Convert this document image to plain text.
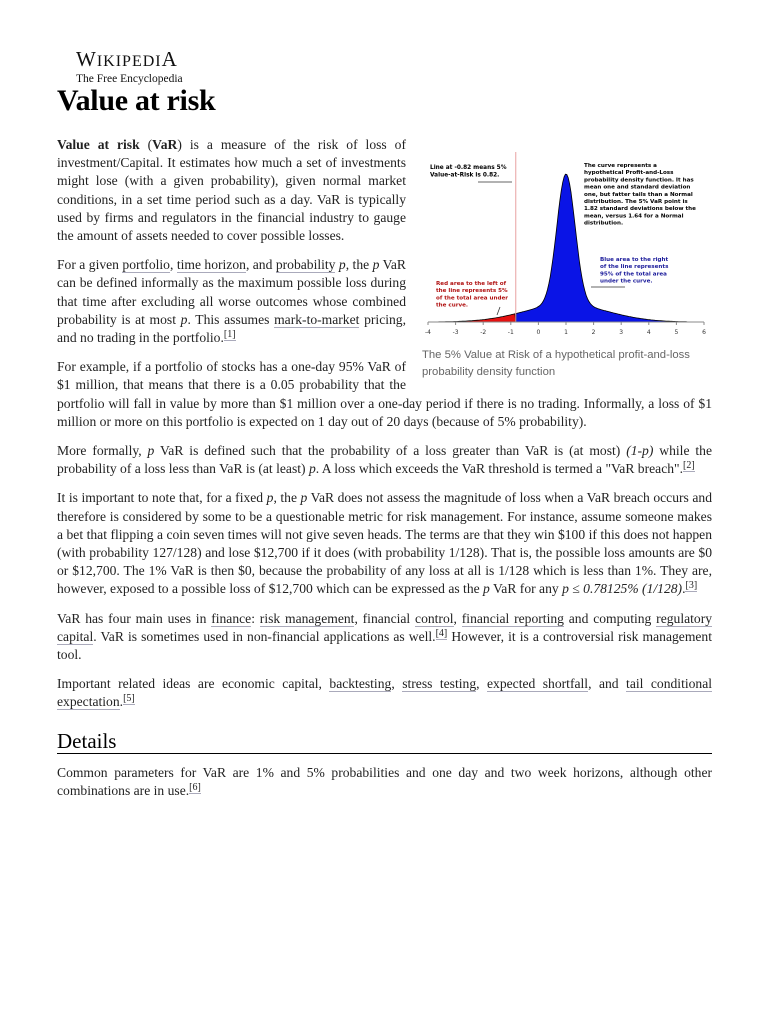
WIKIPEDIA
The Free Encyclopedia
Value at risk
-4	-3	-2	-1	0	1	2	3	4	5	6
Line at -0.82 means 5%
Value-at-Risk is 0.82.
The curve represents a
hypothetical Profit-and-Loss
probability density function. It has
mean one and standard deviation
one, but fatter tails than a Normal
distribution. The 5% VaR point is
1.82 standard deviations below the
mean, versus 1.64 for a Normal
distribution.
Blue area to the right
of the line represents
95% of the total area
under the curve.
Red area to the left of
the line represents 5%
of the total area under
the curve.
The 5% Value at Risk of a hypothetical profit-and-loss probability density function

Value at risk (VaR) is a measure of the risk of loss of investment/Capital. It estimates how much a set of investments might lose (with a given probability), given normal market conditions, in a set time period such as a day. VaR is typically used by firms and regulators in the financial industry to gauge the amount of assets needed to cover possible losses.

For a given portfolio, time horizon, and probability p, the p VaR can be defined informally as the maximum possible loss during that time after excluding all worse outcomes whose combined probability is at most p. This assumes mark-to-market pricing, and no trading in the portfolio.[1]

For example, if a portfolio of stocks has a one-day 95% VaR of $1 million, that means that there is a 0.05 probability that the portfolio will fall in value by more than $1 million over a one-day period if there is no trading. Informally, a loss of $1 million or more on this portfolio is expected on 1 day out of 20 days (because of 5% probability).

More formally, p VaR is defined such that the probability of a loss greater than VaR is (at most) (1-p) while the probability of a loss less than VaR is (at least) p. A loss which exceeds the VaR threshold is termed a "VaR breach".[2]

It is important to note that, for a fixed p, the p VaR does not assess the magnitude of loss when a VaR breach occurs and therefore is considered by some to be a questionable metric for risk management. For instance, assume someone makes a bet that flipping a coin seven times will not give seven heads. The terms are that they win $100 if this does not happen (with probability 127/128) and lose $12,700 if it does (with probability 1/128). That is, the possible loss amounts are $0 or $12,700. The 1% VaR is then $0, because the probability of any loss at all is 1/128 which is less than 1%. They are, however, exposed to a possible loss of $12,700 which can be expressed as the p VaR for any p ≤ 0.78125% (1/128).[3]

VaR has four main uses in finance: risk management, financial control, financial reporting and computing regulatory capital. VaR is sometimes used in non-financial applications as well.[4] However, it is a controversial risk management tool.

Important related ideas are economic capital, backtesting, stress testing, expected shortfall, and tail conditional expectation.[5]

Details

Common parameters for VaR are 1% and 5% probabilities and one day and two week horizons, although other combinations are in use.[6]
